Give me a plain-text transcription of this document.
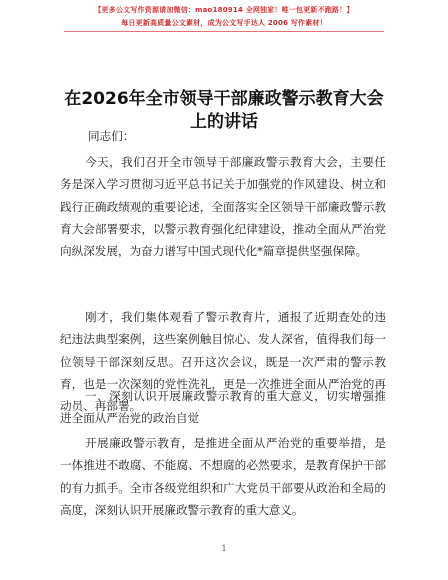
【更多公文写作资源请加微信：mao180914 全网独家！唯一包更新不跑路！】
每日更新高质量公文素材，成为公文写手达人 2006 写作素材！
在2026年全市领导干部廉政警示教育大会上的讲话
同志们：
今天，我们召开全市领导干部廉政警示教育大会，主要任务是深入学习贯彻习近平总书记关于加强党的作风建设、树立和践行正确政绩观的重要论述，全面落实全区领导干部廉政警示教育大会部署要求，以警示教育强化纪律建设，推动全面从严治党向纵深发展，为奋力谱写中国式现代化*篇章提供坚强保障。
刚才，我们集体观看了警示教育片，通报了近期查处的违纪违法典型案例，这些案例触目惊心、发人深省，值得我们每一位领导干部深刻反思。召开这次会议，既是一次严肃的警示教育，也是一次深刻的党性洗礼，更是一次推进全面从严治党的再动员、再部署。
一、深刻认识开展廉政警示教育的重大意义，切实增强推进全面从严治党的政治自觉
开展廉政警示教育，是推进全面从严治党的重要举措，是一体推进不敢腐、不能腐、不想腐的必然要求，是教育保护干部的有力抓手。全市各级党组织和广大党员干部要从政治和全局的高度，深刻认识开展廉政警示教育的重大意义。
1
